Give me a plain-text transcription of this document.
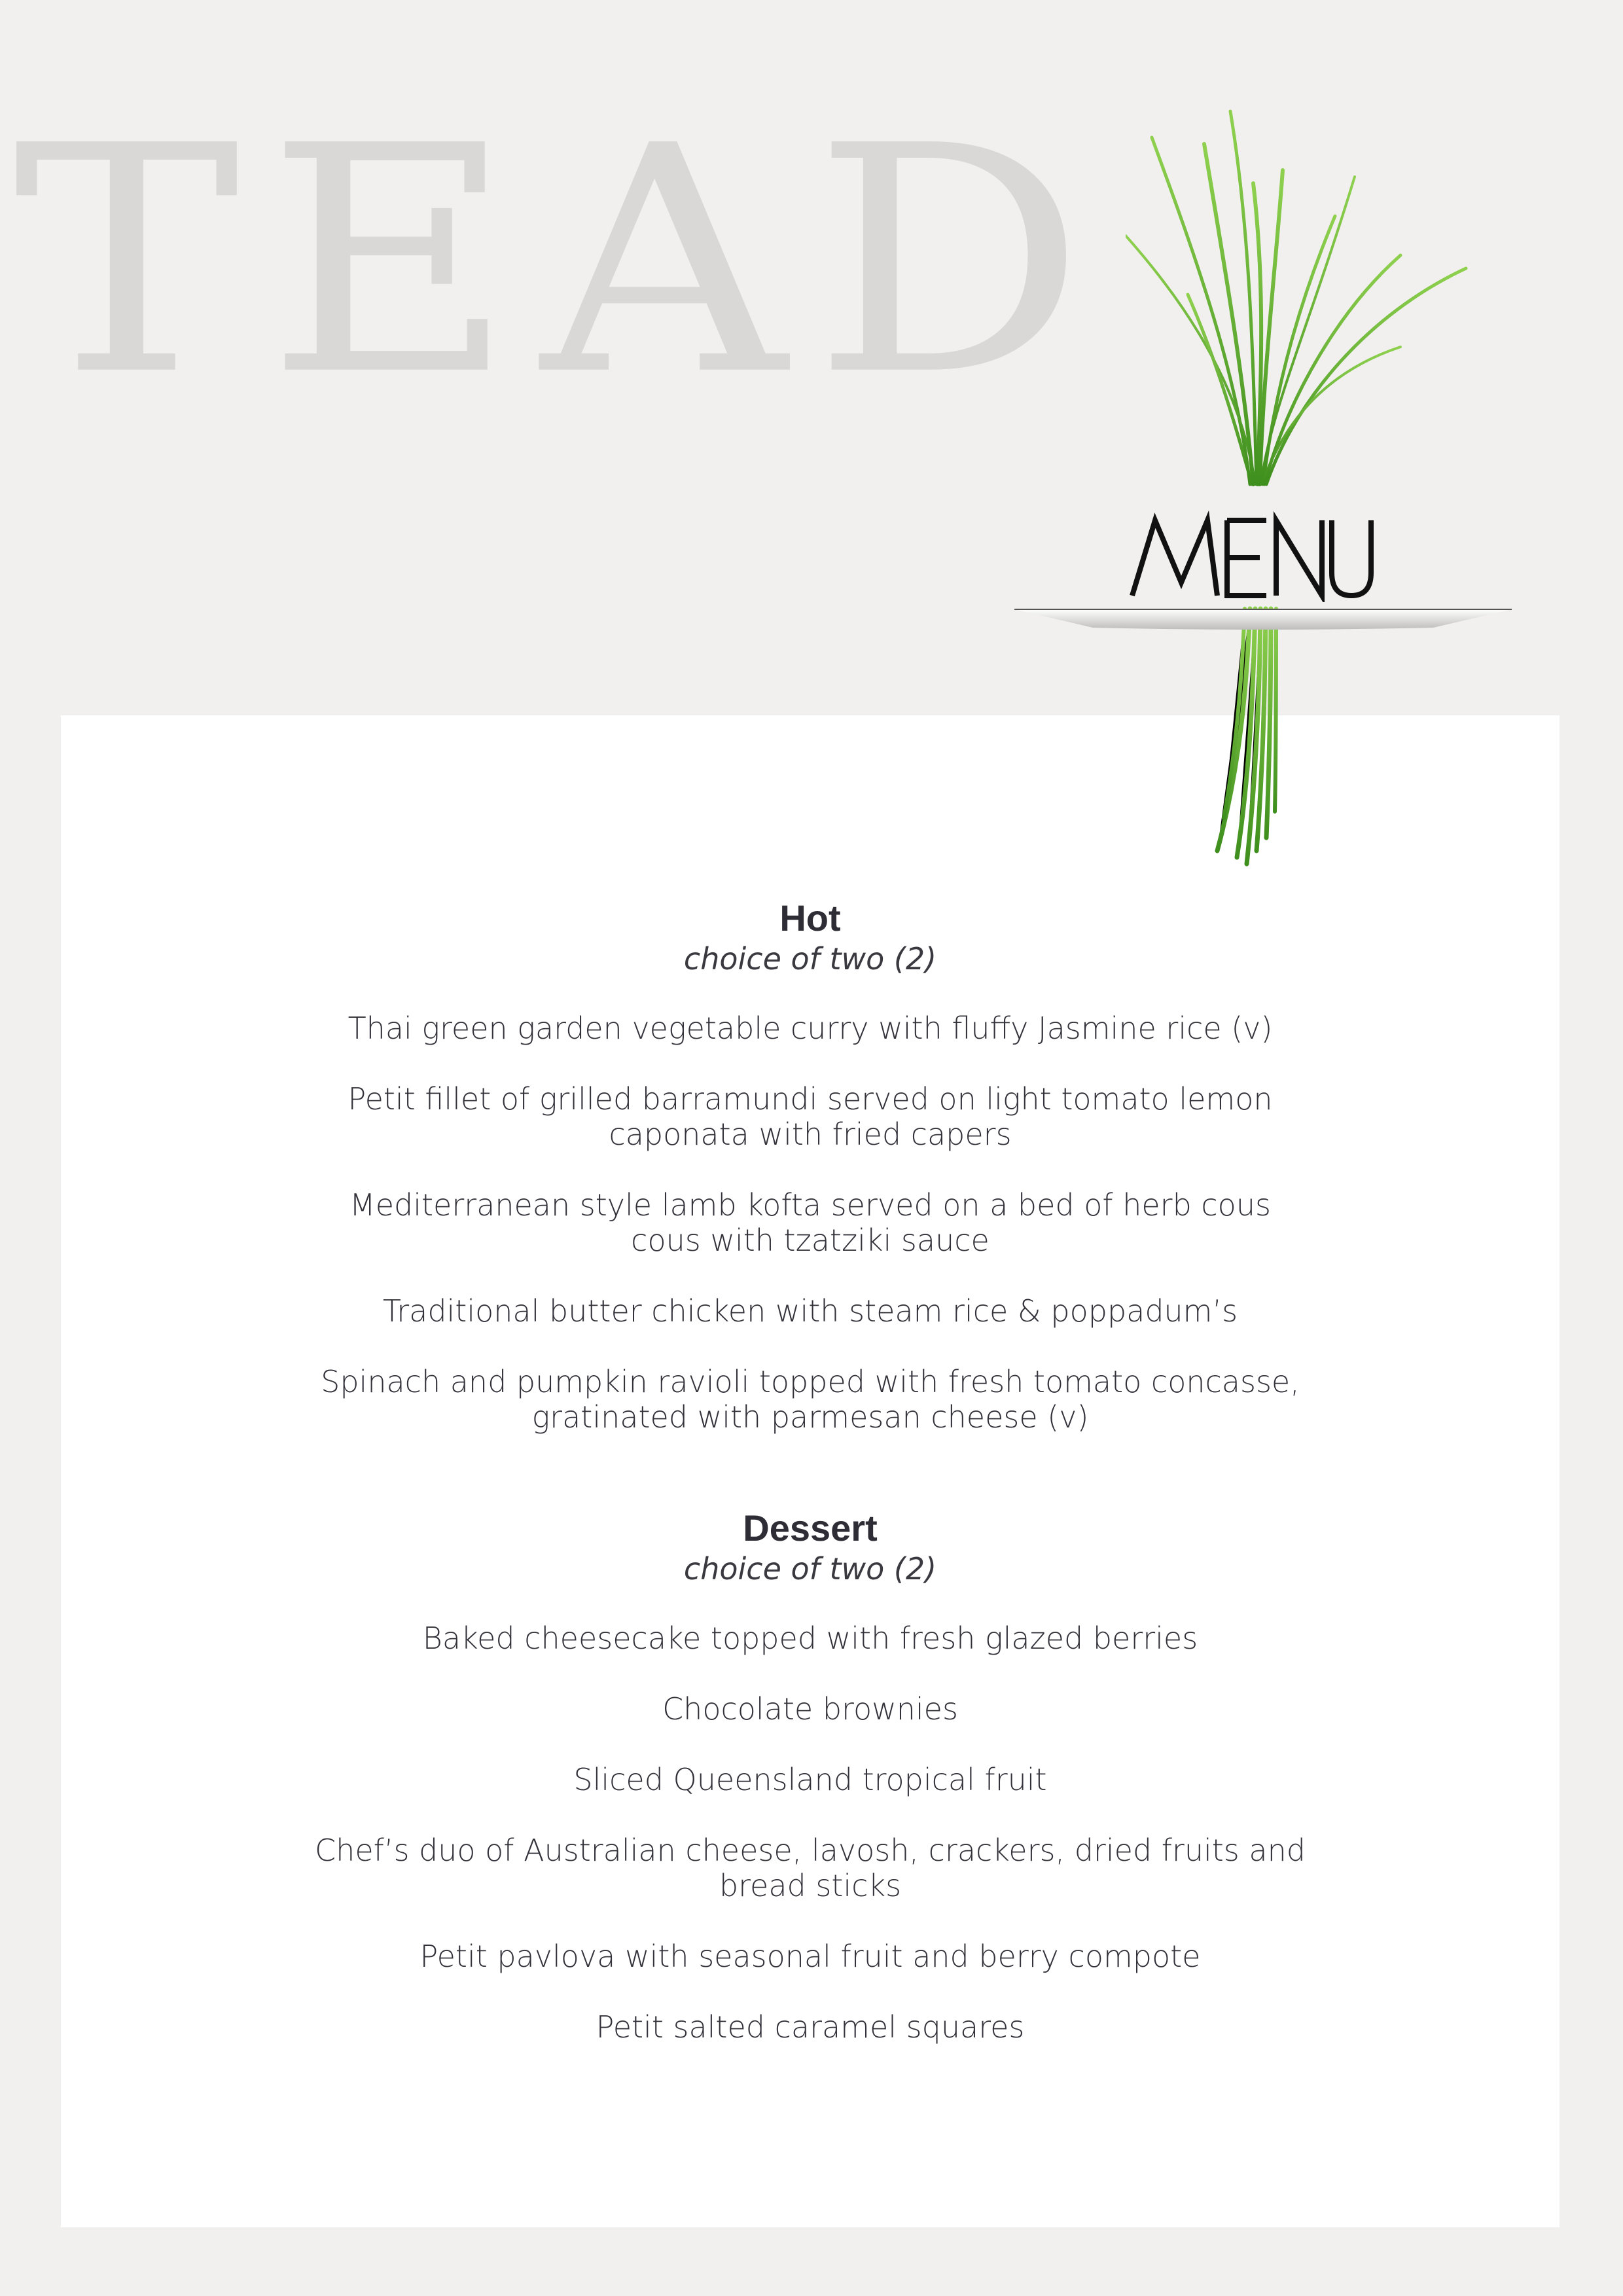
TEAD

Hot

choice of two (2)

Thai green garden vegetable curry with fluffy Jasmine rice (v)

Petit fillet of grilled barramundi served on light tomato lemon caponata with fried capers

Mediterranean style lamb kofta served on a bed of herb cous cous with tzatziki sauce

Traditional butter chicken with steam rice & poppadum’s

Spinach and pumpkin ravioli topped with fresh tomato concasse, gratinated with parmesan cheese (v)

Dessert

choice of two (2)

Baked cheesecake topped with fresh glazed berries

Chocolate brownies

Sliced Queensland tropical fruit

Chef’s duo of Australian cheese, lavosh, crackers, dried fruits and bread sticks

Petit pavlova with seasonal fruit and berry compote

Petit salted caramel squares
